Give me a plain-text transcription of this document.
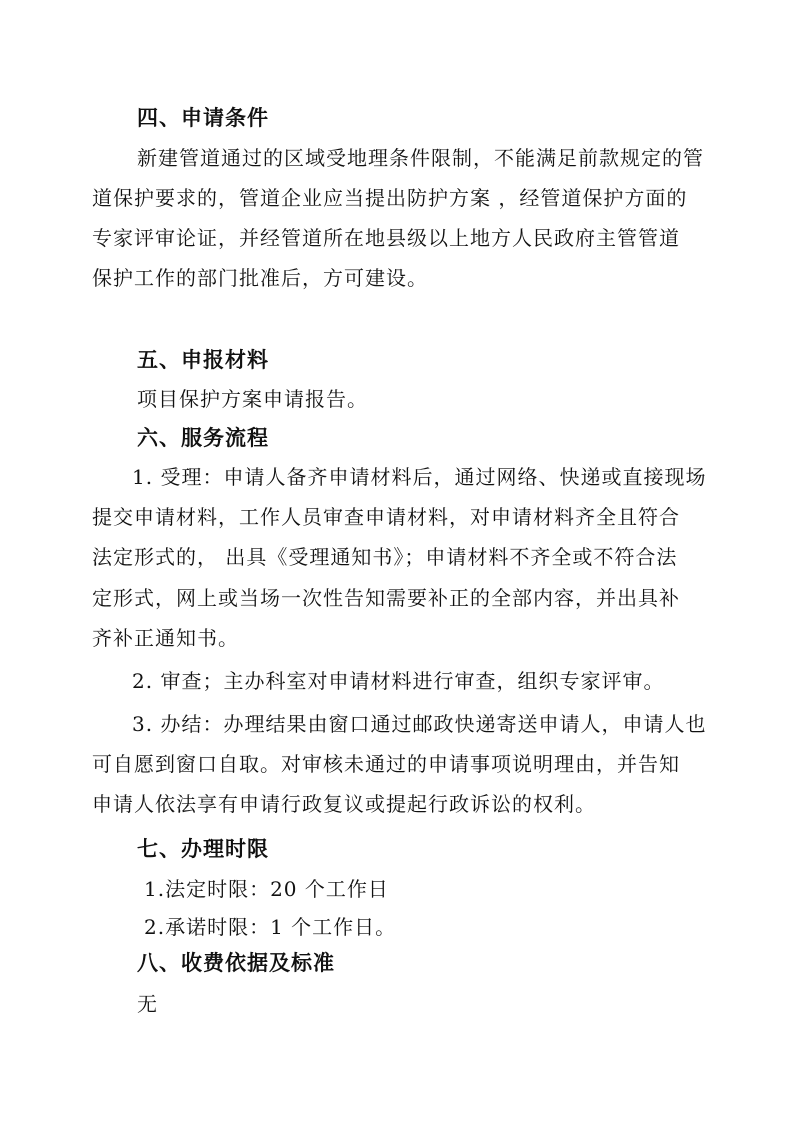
四、申请条件
新建管道通过的区域受地理条件限制，不能满足前款规定的管
道保护要求的，管道企业应当提出防护方案 ，经管道保护方面的
专家评审论证，并经管道所在地县级以上地方人民政府主管管道
保护工作的部门批准后，方可建设。
五、申报材料
项目保护方案申请报告。
六、服务流程
1. 受理：申请人备齐申请材料后，通过网络、快递或直接现场
提交申请材料，工作人员审查申请材料，对申请材料齐全且符合
法定形式的， 出具《受理通知书》；申请材料不齐全或不符合法
定形式，网上或当场一次性告知需要补正的全部内容，并出具补
齐补正通知书。
2. 审查；主办科室对申请材料进行审查，组织专家评审。
3. 办结：办理结果由窗口通过邮政快递寄送申请人，申请人也
可自愿到窗口自取。对审核未通过的申请事项说明理由，并告知
申请人依法享有申请行政复议或提起行政诉讼的权利。
七、办理时限
1.法定时限：20 个工作日
2.承诺时限：1 个工作日。
八、收费依据及标准
无
